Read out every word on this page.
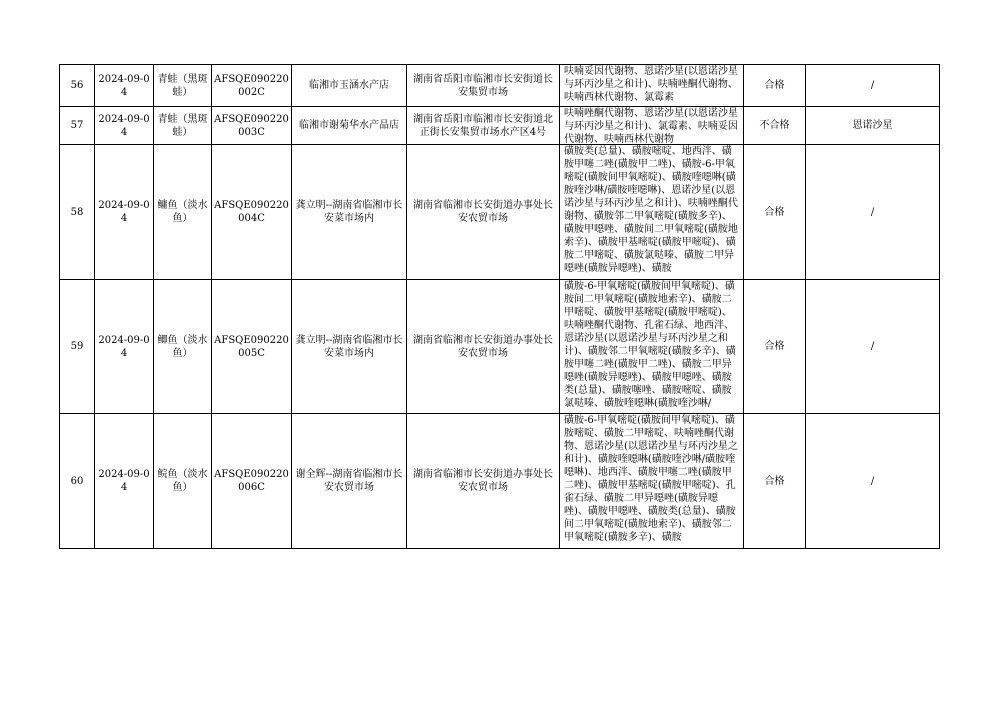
56	2024-09-04	青蛙（黑斑蛙）	AFSQE090220002C	临湘市玉涵水产店	湖南省岳阳市临湘市长安街道长安集贸市场	呋喃妥因代谢物、恩诺沙星(以恩诺沙星与环丙沙星之和计)、呋喃唑酮代谢物、呋喃西林代谢物、氯霉素	合格	/
57	2024-09-04	青蛙（黑斑蛙）	AFSQE090220003C	临湘市谢菊华水产品店	湖南省岳阳市临湘市长安街道北正街长安集贸市场水产区4号	呋喃唑酮代谢物、恩诺沙星(以恩诺沙星与环丙沙星之和计)、氯霉素、呋喃妥因代谢物、呋喃西林代谢物	不合格	恩诺沙星
58	2024-09-04	鳙鱼（淡水鱼）	AFSQE090220004C	龚立明--湖南省临湘市长安菜市场内	湖南省临湘市长安街道办事处长安农贸市场	磺胺类(总量)、磺胺嘧啶、地西泮、磺胺甲噻二唑(磺胺甲二唑)、磺胺-6-甲氧嘧啶(磺胺间甲氧嘧啶)、磺胺喹噁啉(磺胺喹沙啉/磺胺喹噁啉)、恩诺沙星(以恩诺沙星与环丙沙星之和计)、呋喃唑酮代谢物、磺胺邻二甲氧嘧啶(磺胺多辛)、磺胺甲噁唑、磺胺间二甲氧嘧啶(磺胺地索辛)、磺胺甲基嘧啶(磺胺甲嘧啶)、磺胺二甲嘧啶、磺胺氯哒嗪、磺胺二甲异噁唑(磺胺异噁唑)、磺胺	合格	/
59	2024-09-04	鲫鱼（淡水鱼）	AFSQE090220005C	龚立明--湖南省临湘市长安菜市场内	湖南省临湘市长安街道办事处长安农贸市场	磺胺-6-甲氧嘧啶(磺胺间甲氧嘧啶)、磺胺间二甲氧嘧啶(磺胺地索辛)、磺胺二甲嘧啶、磺胺甲基嘧啶(磺胺甲嘧啶)、呋喃唑酮代谢物、孔雀石绿、地西泮、恩诺沙星(以恩诺沙星与环丙沙星之和计)、磺胺邻二甲氧嘧啶(磺胺多辛)、磺胺甲噻二唑(磺胺甲二唑)、磺胺二甲异噁唑(磺胺异噁唑)、磺胺甲噁唑、磺胺类(总量)、磺胺噻唑、磺胺嘧啶、磺胺氯哒嗪、磺胺喹噁啉(磺胺喹沙啉/	合格	/
60	2024-09-04	鲩鱼（淡水鱼）	AFSQE090220006C	谢全辉--湖南省临湘市长安农贸市场	湖南省临湘市长安街道办事处长安农贸市场	磺胺-6-甲氧嘧啶(磺胺间甲氧嘧啶)、磺胺嘧啶、磺胺二甲嘧啶、呋喃唑酮代谢物、恩诺沙星(以恩诺沙星与环丙沙星之和计)、磺胺喹噁啉(磺胺喹沙啉/磺胺喹噁啉)、地西泮、磺胺甲噻二唑(磺胺甲二唑)、磺胺甲基嘧啶(磺胺甲嘧啶)、孔雀石绿、磺胺二甲异噁唑(磺胺异噁唑)、磺胺甲噁唑、磺胺类(总量)、磺胺间二甲氧嘧啶(磺胺地索辛)、磺胺邻二甲氧嘧啶(磺胺多辛)、磺胺	合格	/
